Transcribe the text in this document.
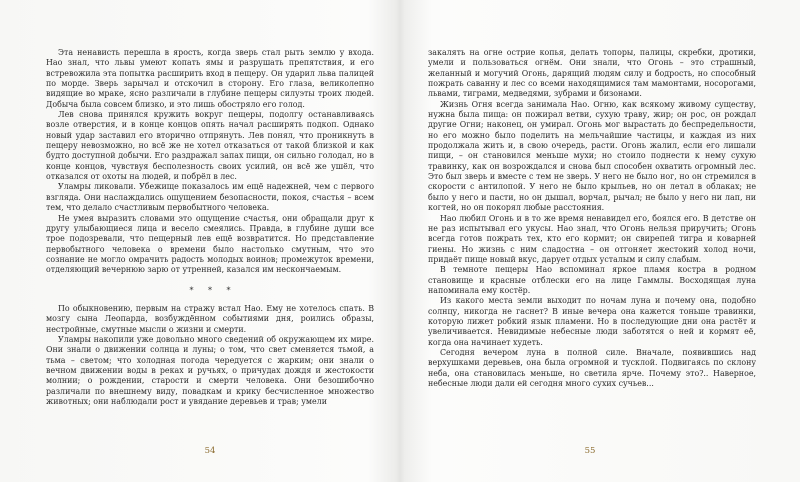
Эта ненависть перешла в ярость, когда зверь стал рыть землю у входа. Нао знал, что львы умеют копать ямы и разрушать препятствия, и его встревожила эта попытка расширить вход в пещеру. Он ударил льва палицей по морде. Зверь зарычал и отскочил в сторону. Его глаза, великолепно видящие во мраке, ясно различали в глубине пещеры силуэты троих людей. Добыча была совсем близко, и это лишь обостряло его голод.

Лев снова принялся кружить вокруг пещеры, подолгу останавливаясь возле отверстия, и в конце концов опять начал расширять подкоп. Однако новый удар заставил его вторично отпрянуть. Лев понял, что проникнуть в пещеру невозможно, но всё же не хотел отказаться от такой близкой и как будто доступной добычи. Его раздражал запах пищи, он сильно голодал, но в конце концов, чувствуя бесполезность своих усилий, он всё же ушёл, что отказался от охоты на людей, и побрёл в лес.

Уламры ликовали. Убежище показалось им ещё надежней, чем с первого взгляда. Они наслаждались ощущением безопасности, покоя, счастья – всем тем, что делало счастливым первобытного человека.

Не умея выразить словами это ощущение счастья, они обращали друг к другу улыбающиеся лица и весело смеялись. Правда, в глубине души все трое подозревали, что пещерный лев ещё возвратится. Но представление первобытного человека о времени было настолько смутным, что это сознание не могло омрачить радость молодых воинов; промежуток времени, отделяющий вечернюю зарю от утренней, казался им нескончаемым.

* * *

По обыкновению, первым на стражу встал Нао. Ему не хотелось спать. В мозгу сына Леопарда, возбуждённом событиями дня, роились образы, нестройные, смутные мысли о жизни и смерти.

Уламры накопили уже довольно много сведений об окружающем их мире. Они знали о движении солнца и луны; о том, что свет сменяется тьмой, а тьма – светом; что холодная погода чередуется с жарким; они знали о вечном движении воды в реках и ручьях, о причудах дождя и жестокости молнии; о рождении, старости и смерти человека. Они безошибочно различали по внешнему виду, повадкам и крику бесчисленное множество животных; они наблюдали рост и увядание деревьев и трав; умели

закалять на огне острие копья, делать топоры, палицы, скребки, дротики, умели и пользоваться огнём. Они знали, что Огонь – это страшный, желанный и могучий Огонь, дарящий людям силу и бодрость, но способный пожрать саванну и лес со всеми находящимися там мамонтами, носорогами, львами, тиграми, медведями, зубрами и бизонами.

Жизнь Огня всегда занимала Нао. Огню, как всякому живому существу, нужна была пища: он пожирал ветви, сухую траву, жир; он рос, он рождал другие Огни; наконец, он умирал. Огонь мог вырастать до беспредельности, но его можно было поделить на мельчайшие частицы, и каждая из них продолжала жить и, в свою очередь, расти. Огонь жалил, если его лишали пищи, – он становился меньше мухи; но стоило поднести к нему сухую травинку, как он возрождался и снова был способен охватить огромный лес. Это был зверь и вместе с тем не зверь. У него не было ног, но он стремился в скорости с антилопой. У него не было крыльев, но он летал в облаках; не было у него и пасти, но он дышал, ворчал, рычал; не было у него ни лап, ни когтей, но он покорял любые расстояния.

Нао любил Огонь и в то же время ненавидел его, боялся его. В детстве он не раз испытывал его укусы. Нао знал, что Огонь нельзя приручить; Огонь всегда готов пожрать тех, кто его кормит; он свирепей тигра и коварней гиены. Но жизнь с ним сладостна – он отгоняет жестокий холод ночи, придаёт пище новый вкус, дарует отдых усталым и силу слабым.

В темноте пещеры Нао вспоминал яркое пламя костра в родном становище и красные отблески его на лице Гаммлы. Восходящая луна напоминала ему костёр.

Из какого места земли выходит по ночам луна и почему она, подобно солнцу, никогда не гаснет? В иные вечера она кажется тоньше травинки, которую лижет робкий язык пламени. Но в последующие дни она растёт и увеличивается. Невидимые небесные люди заботятся о ней и кормят её, когда она начинает худеть.

Сегодня вечером луна в полной силе. Вначале, появившись над верхушками деревьев, она была огромной и тусклой. Подвигаясь по склону неба, она становилась меньше, но светила ярче. Почему это?.. Наверное, небесные люди дали ей сегодня много сухих сучьев...

54	55
